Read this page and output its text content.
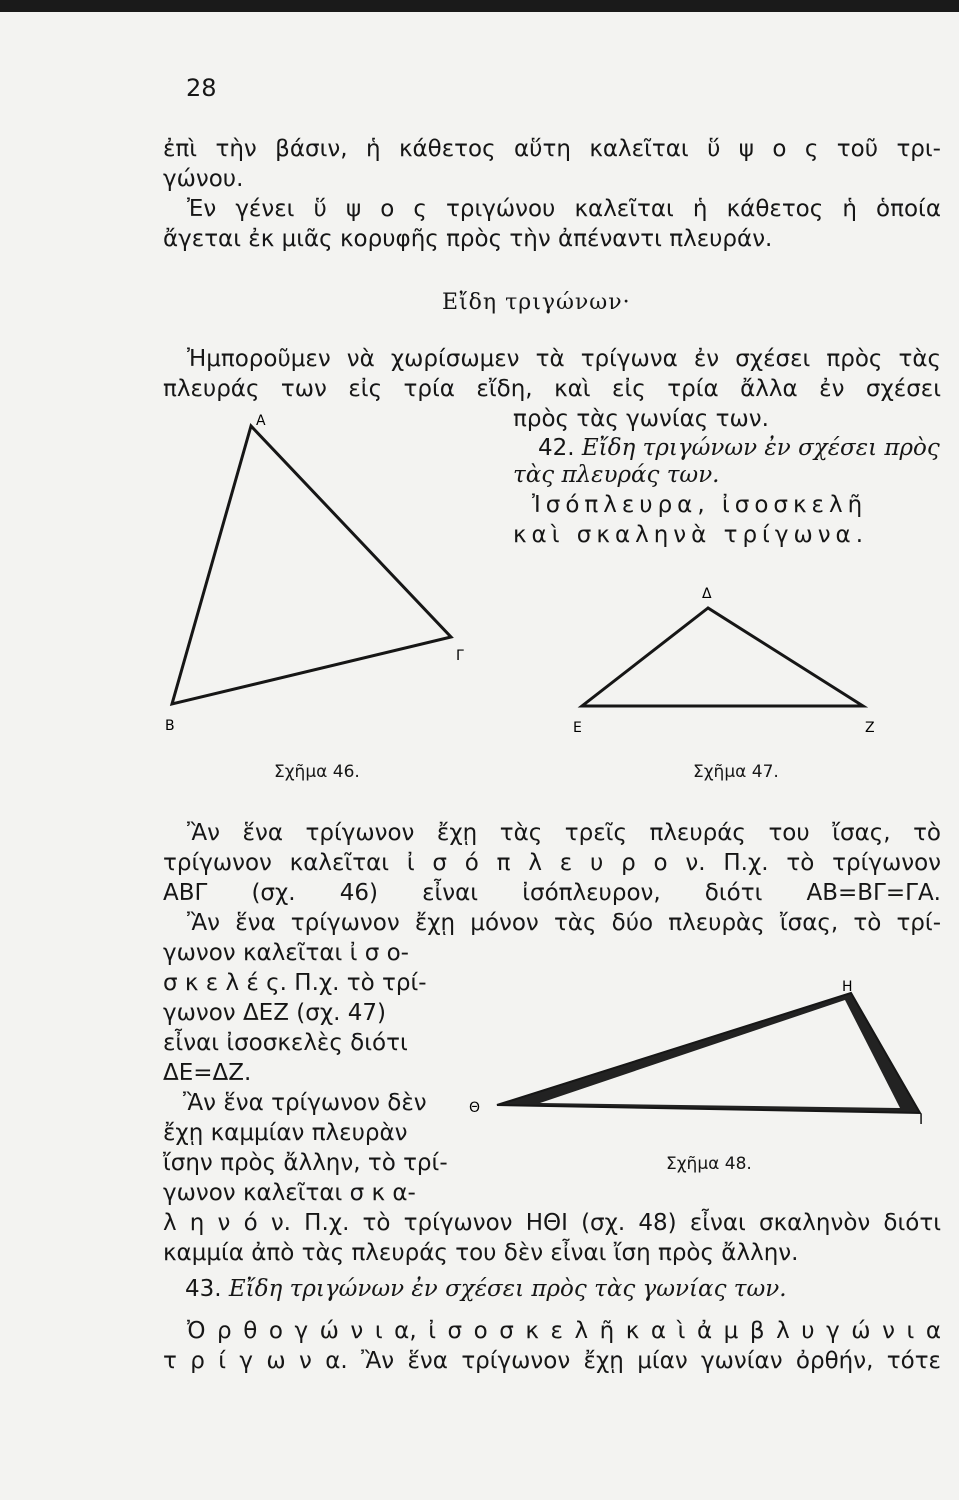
28
ἐπὶ τὴν βάσιν, ἡ κάθετος αὕτη καλεῖται ὕ ψ ο ς τοῦ τρι-
γώνου.
Ἐν γένει ὕ ψ ο ς τριγώνου καλεῖται ἡ κάθετος ἡ ὁποία
ἄγεται ἐκ μιᾶς κορυφῆς πρὸς τὴν ἀπέναντι πλευράν.
Εἴδη τριγώνων·
Ἠμποροῦμεν νὰ χωρίσωμεν τὰ τρίγωνα ἐν σχέσει πρὸς τὰς
πλευράς των εἰς τρία εἴδη, καὶ εἰς τρία ἄλλα ἐν σχέσει
πρὸς τὰς γωνίας των.
42. Εἴδη τριγώνων ἐν σχέσει πρὸς
τὰς πλευράς των.
Ἰσόπλευρα, ἰσοσκελῆ
καὶ σκαληνὰ τρίγωνα.
Α
Β
Γ
Δ
Ε	Ζ
Η
Θ
Ι
Σχῆμα 46.	Σχῆμα 47.
Ἂν ἕνα τρίγωνον ἔχῃ τὰς τρεῖς πλευράς του ἴσας, τὸ
τρίγωνον καλεῖται ἰ σ ό π λ ε υ ρ ο ν. Π.χ. τὸ τρίγωνον
ΑΒΓ (σχ. 46) εἶναι ἰσόπλευρον, διότι ΑΒ=ΒΓ=ΓΑ.
Ἂν ἕνα τρίγωνον ἔχῃ μόνον τὰς δύο πλευρὰς ἴσας, τὸ τρί-
γωνον καλεῖται ἰ σ ο-
σ κ ε λ έ ς. Π.χ. τὸ τρί-
γωνον ΔΕΖ (σχ. 47)
εἶναι ἰσοσκελὲς διότι
ΔΕ=ΔΖ.
Ἂν ἕνα τρίγωνον δὲν
ἔχῃ καμμίαν πλευρὰν
ἴσην πρὸς ἄλλην, τὸ τρί-
γωνον καλεῖται σ κ α-
Σχῆμα 48.
λ η ν ό ν. Π.χ. τὸ τρίγωνον ΗΘΙ (σχ. 48) εἶναι σκαληνὸν διότι
καμμία ἀπὸ τὰς πλευράς του δὲν εἶναι ἴση πρὸς ἄλλην.
43. Εἴδη τριγώνων ἐν σχέσει πρὸς τὰς γωνίας των.
Ὀ ρ θ ο γ ώ ν ι α, ἰ σ ο σ κ ε λ ῆ κ α ὶ ἀ μ β λ υ γ ώ ν ι α
τ ρ ί γ ω ν α. Ἂν ἕνα τρίγωνον ἔχῃ μίαν γωνίαν ὀρθήν, τότε
